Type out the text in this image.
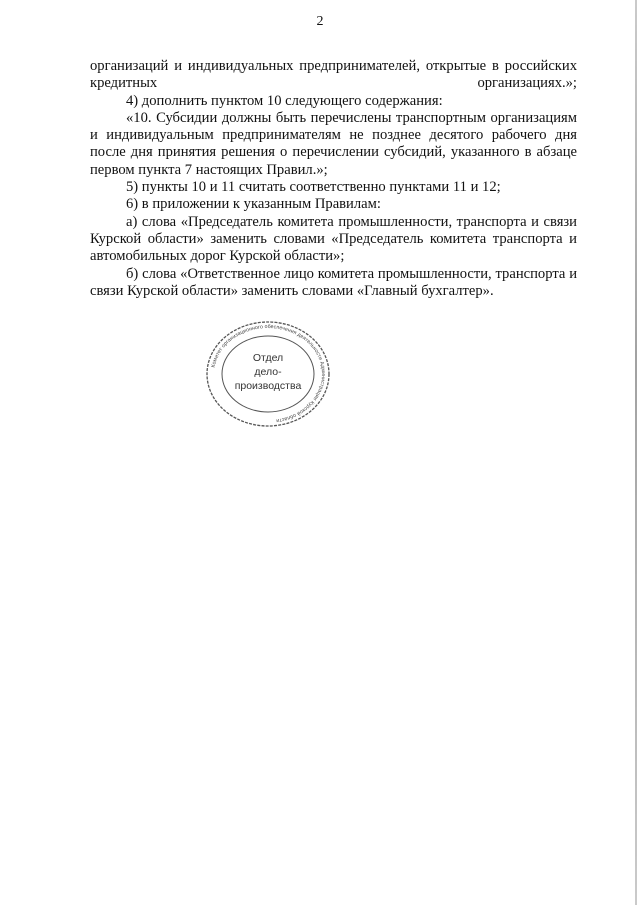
2

организаций и индивидуальных предпринимателей, открытые в российских кредитных организациях.»;

4) дополнить пунктом 10 следующего содержания:

«10. Субсидии должны быть перечислены транспортным организациям и индивидуальным предпринимателям не позднее десятого рабочего дня после дня принятия решения о перечислении субсидий, указанного в абзаце первом пункта 7 настоящих Правил.»;

5) пункты 10 и 11 считать соответственно пунктами 11 и 12;

6) в приложении к указанным Правилам:

а) слова «Председатель комитета промышленности, транспорта и связи Курской области» заменить словами «Председатель комитета транспорта и автомобильных дорог Курской области»;

б) слова «Ответственное лицо комитета промышленности, транспорта и связи Курской области» заменить словами «Главный бухгалтер».

Комитет организационного обеспечения деятельности Администрации Курской области
Отдел
дело-
производства
